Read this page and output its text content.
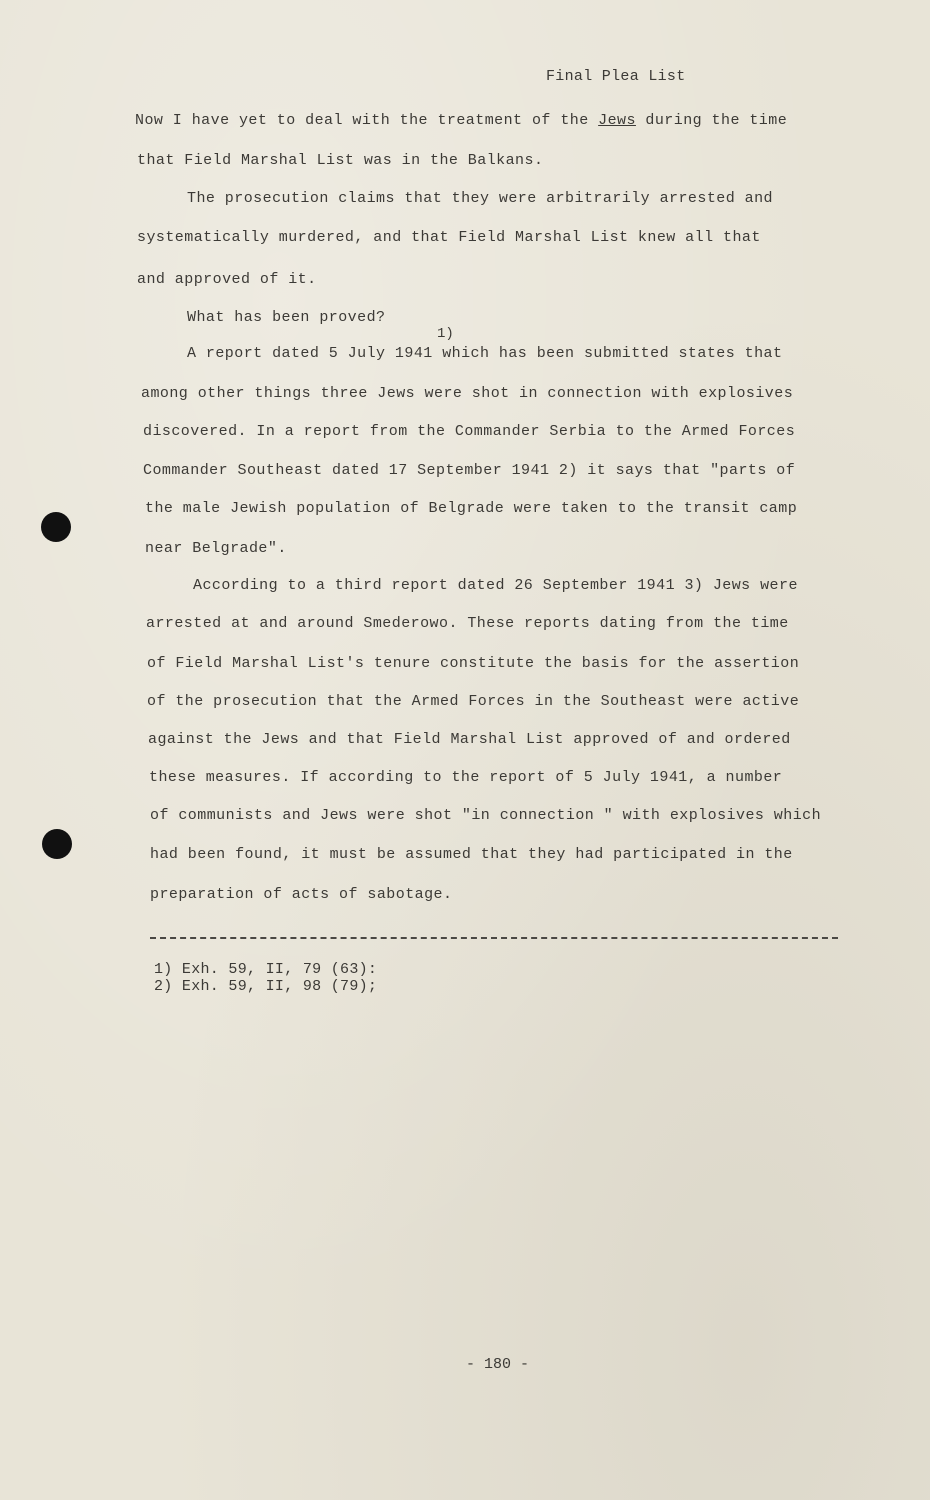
Final Plea List
Now I have yet to deal with the treatment of the Jews during the time
that Field Marshal List was in the Balkans.
The prosecution claims that they were arbitrarily arrested and
systematically murdered, and that Field Marshal List knew all that
and approved of it.
What has been proved?
1)
A report dated 5 July 1941 which has been submitted states that
among other things three Jews were shot in connection with explosives
discovered. In a report from the Commander Serbia to the Armed Forces
Commander Southeast dated 17 September 1941 2) it says that "parts of
the male Jewish population of Belgrade were taken to the transit camp
near Belgrade".
According to a third report dated 26 September 1941 3) Jews were
arrested at and around Smederowo. These reports dating from the time
of Field Marshal List's tenure constitute the basis for the assertion
of the prosecution that the Armed Forces in the Southeast were active
against the Jews and that Field Marshal List approved of and ordered
these measures. If according to the report of 5 July 1941, a number
of communists and Jews were shot "in connection " with explosives which
had been found, it must be assumed that they had participated in the
preparation of acts of sabotage.
1) Exh. 59, II, 79 (63):
2) Exh. 59, II, 98 (79);
- 180 -
